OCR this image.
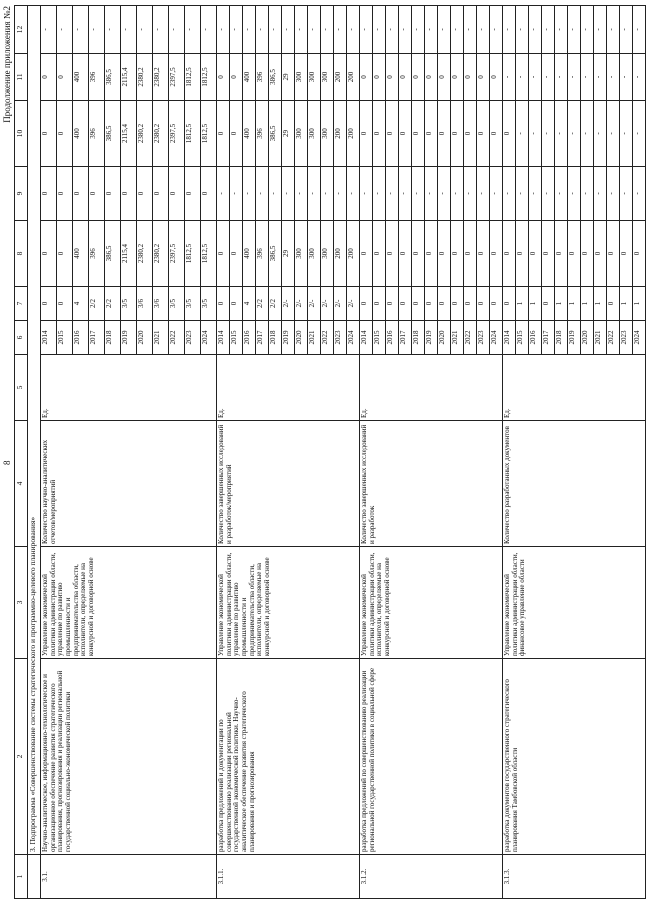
8
Продолжение приложения №2
1	2	3	4	5	6	7	8	9	10	11	12	
	3. Подпрограмма «Совершенствование системы стратегического и программно-целевого планирования»											
3.1.	Научно-аналитическое, информационно-технологическое и организационное обеспечение развития стратегического планирования, прогнозирования и реализации региональной государственной социально-экономической политики	Управление экономической политики администрации области, управление по развитию промышленности и предпринимательства области, исполнители, определяемые на конкурсной и договорной основе	Количество научно-аналитических отчетов/мероприятий	Ед.	2014	0	0	0	0	0	-	
					2015	0	0	0	0	0	-	
					2016	4	400	0	400	400	-	
					2017	2/2	396	0	396	396	-	
					2018	2/2	386,5	0	386,5	386,5	-	
					2019	3/5	2115,4	0	2115,4	2115,4	-	
					2020	3/6	2380,2	0	2380,2	2380,2	-	
					2021	3/6	2380,2	0	2380,2	2380,2	-	
					2022	3/5	2397,5	0	2397,5	2397,5	-	
					2023	3/5	1812,5	0	1812,5	1812,5	-	
					2024	3/5	1812,5	0	1812,5	1812,5	-	
3.1.1.	разработка предложений и документации по совершенствованию реализации региональной государственной экономической политики. Научно-аналитическое обеспечение развития стратегического планирования и прогнозирования	Управление экономической политики администрации области, управление по развитию промышленности и предпринимательства области, исполнители, определяемые на конкурсной и договорной основе	Количество завершенных исследований и разработок/мероприятий	Ед.	2014	0	0	-	0	0	-	
					2015	0	0	-	0	0	-	
					2016	4	400	-	400	400	-	
					2017	2/2	396	-	396	396	-	
					2018	2/2	386,5	-	386,5	386,5	-	
					2019	2/-	29	-	29	29	-	
					2020	2/-	300	-	300	300	-	
					2021	2/-	300	-	300	300	-	
					2022	2/-	300	-	300	300	-	
					2023	2/-	200	-	200	200	-	
					2024	2/-	200	-	200	200	-	
3.1.2.	разработка предложений по совершенствованию реализации региональной государственной политики в социальной сфере	Управление экономической политики администрации области, исполнители, определяемые на конкурсной и договорной основе	Количество завершенных исследований и разработок	Ед.	2014	0	0	-	0	0	-	
					2015	0	0	-	0	0	-	
					2016	0	0	-	0	0	-	
					2017	0	0	-	0	0	-	
					2018	0	0	-	0	0	-	
					2019	0	0	-	0	0	-	
					2020	0	0	-	0	0	-	
					2021	0	0	-	0	0	-	
					2022	0	0	-	0	0	-	
					2023	0	0	-	0	0	-	
					2024	0	0	-	0	0	-	
3.1.3.	разработка документов государственного стратегического планирования Тамбовской области	Управление экономической политики администрации области, финансовое управление области	Количество разработанных документов	Ед.	2014	0	0	-	0	-	-	
					2015	1	0	-	-	-	-	
					2016	1	0	-	-	-	-	
					2017	0	0	-	-	-	-	
					2018	1	0	-	-	-	-	
					2019	1	0	-	-	-	-	
					2020	1	0	-	-	-	-	
					2021	1	0	-	-	-	-	
					2022	0	0	-	-	-	-	
					2023	1	0	-	-	-	-	
					2024	1	0	-	-	-	-	
